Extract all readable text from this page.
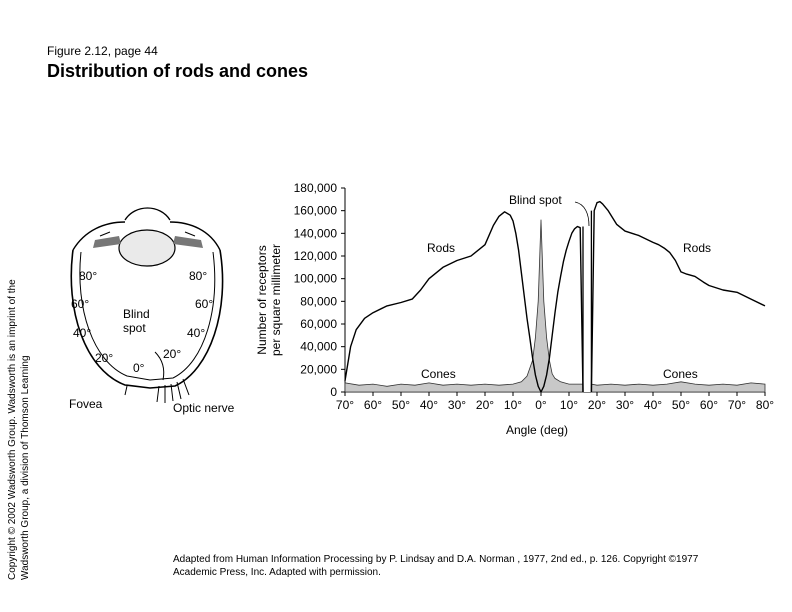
Figure 2.12, page 44
Distribution of rods and cones
Copyright © 2002 Wadsworth Group. Wadsworth is an imprint of the Wadsworth Group, a division of Thomson Learning
80°
60°
40°
20°
80°
60°
40°
20°
0°
Blind
spot
Fovea	Optic nerve
0
20,000
40,000
60,000
80,000
100,000
120,000
140,000
160,000
180,000
70° 60° 50° 40° 30° 20° 10° 0° 10° 20° 30° 40° 50° 60° 70° 80°
Rods	Rods
Cones	Cones
Blind spot
Angle (deg)
Number of receptors per square millimeter
Adapted from Human Information Processing by P. Lindsay and D.A. Norman , 1977, 2nd ed., p. 126. Copyright ©1977
Academic Press, Inc. Adapted with permission.
